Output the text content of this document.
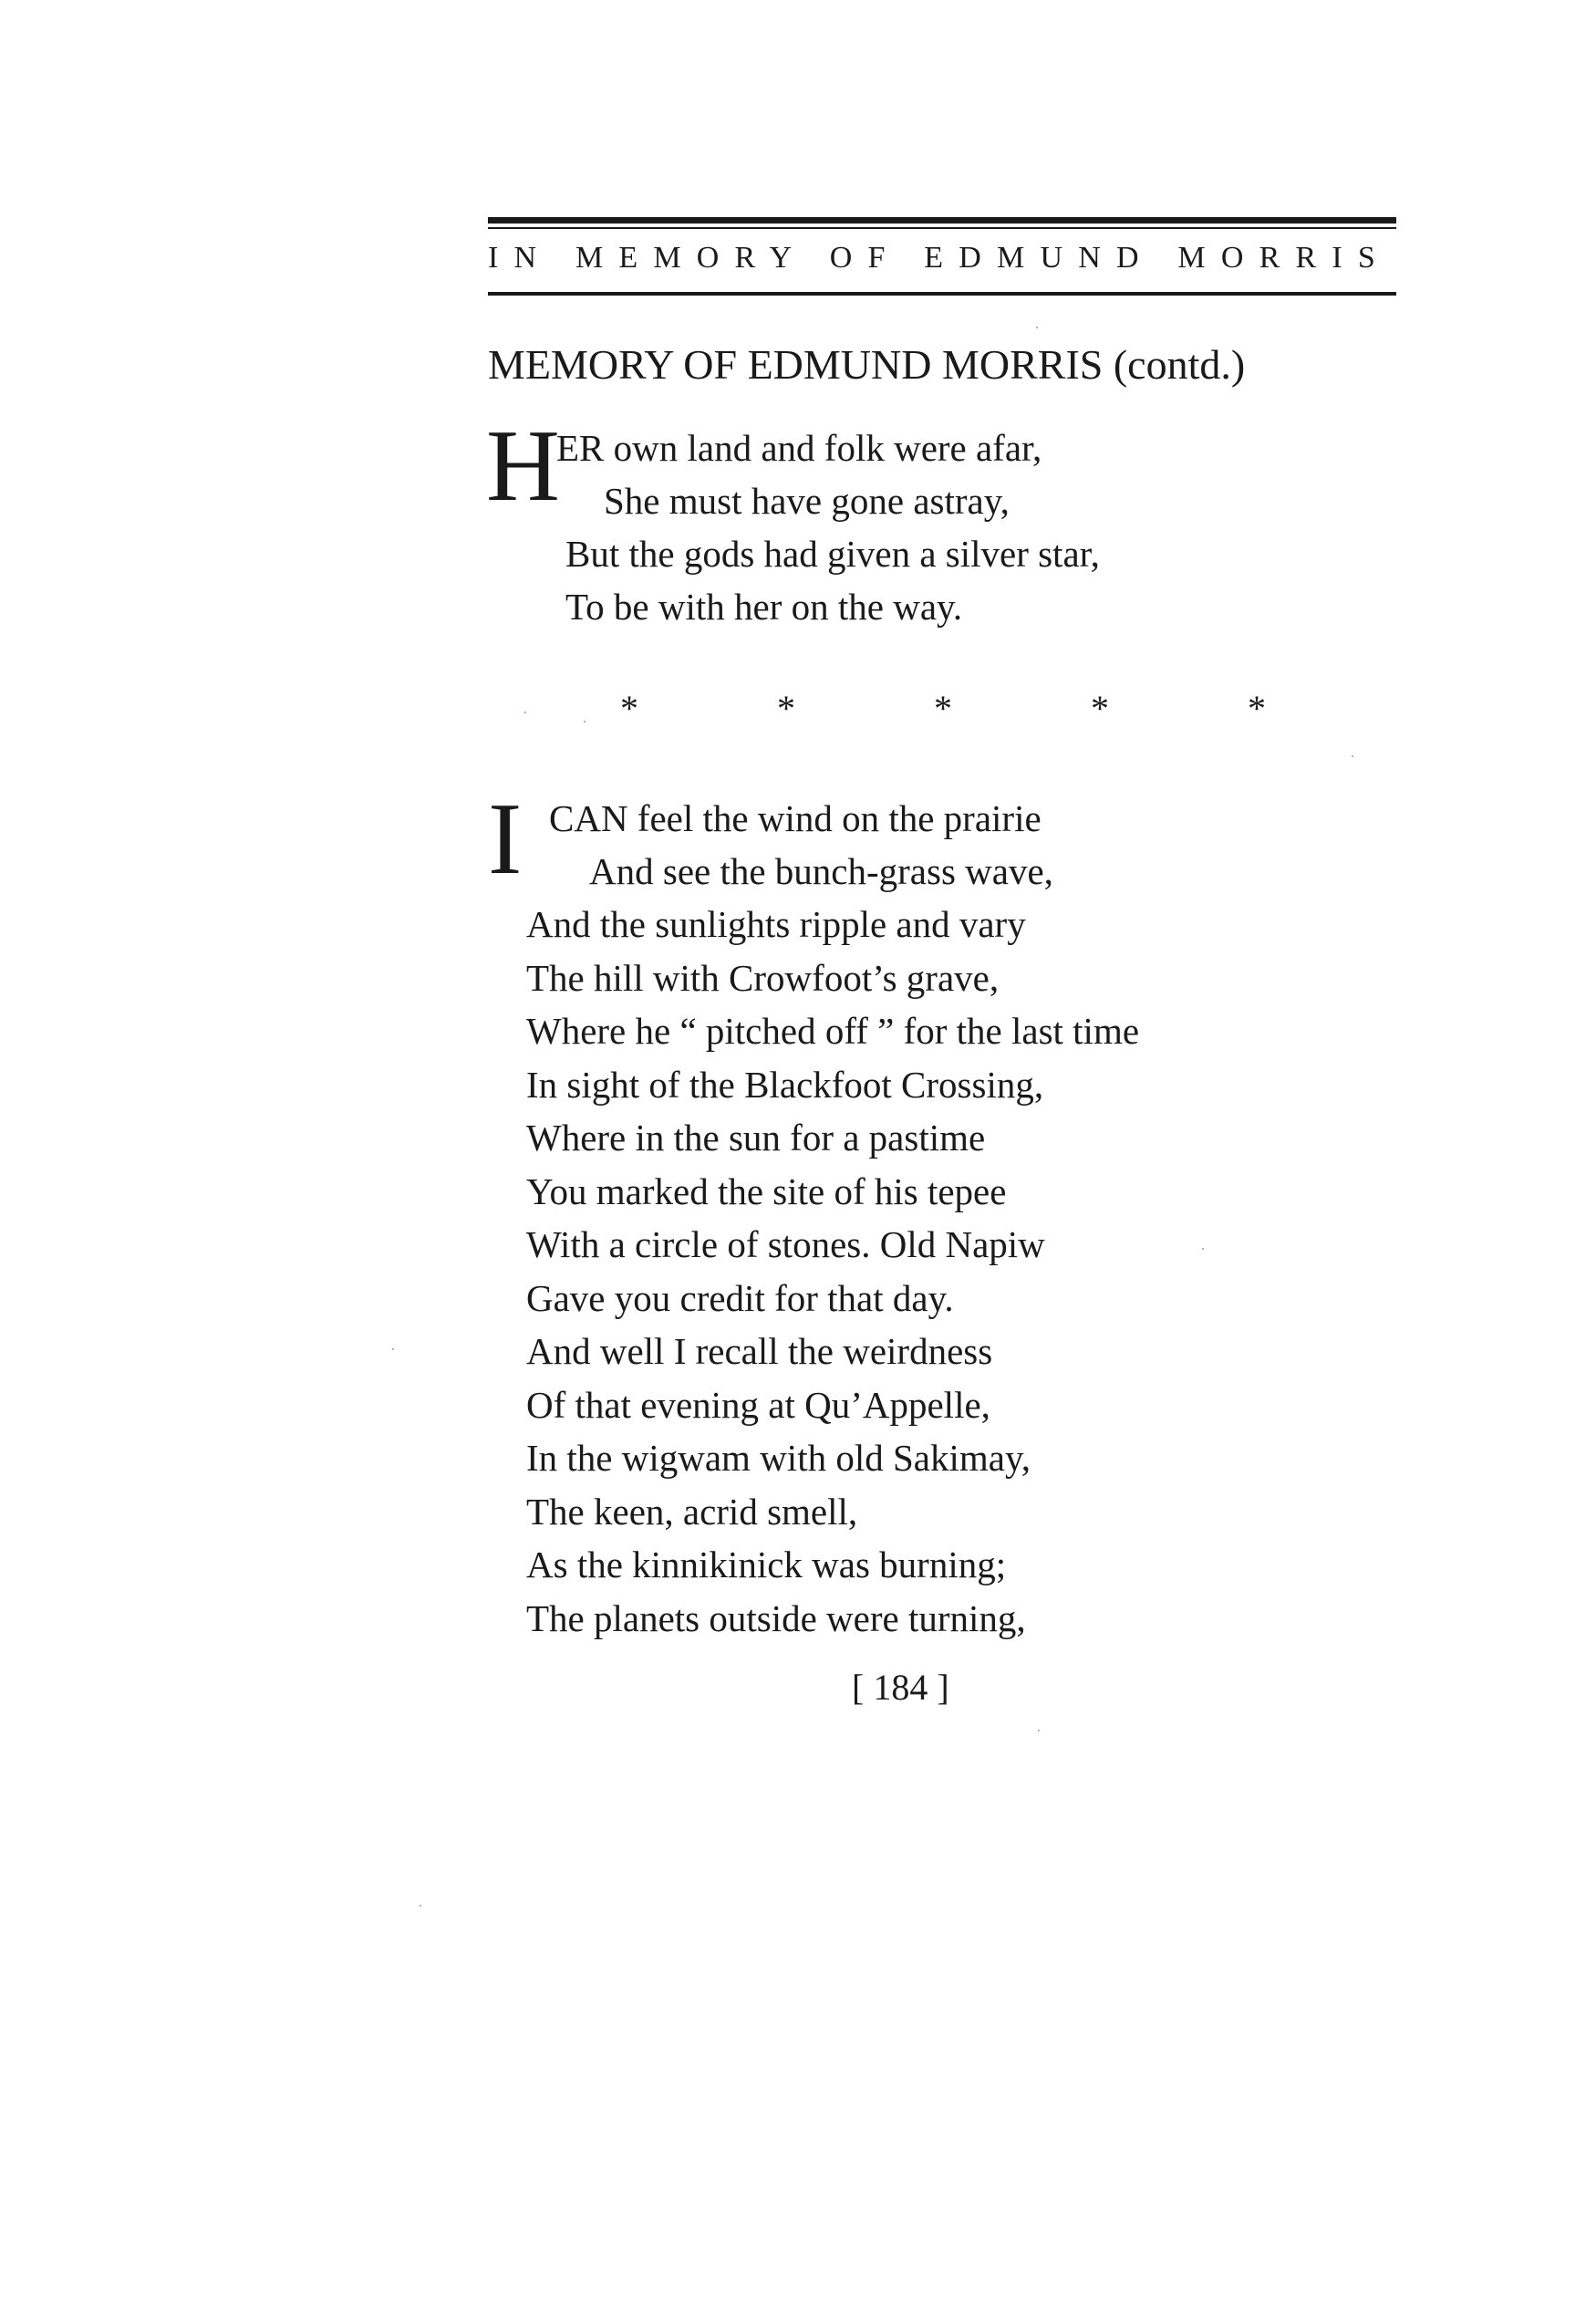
IN MEMORY OF EDMUND MORRIS
MEMORY OF EDMUND MORRIS (contd.)
H
ER own land and folk were afar,
She must have gone astray,
But the gods had given a silver star,
To be with her on the way.
*	*	*	*	*
I CAN feel the wind on the prairie
And see the bunch-grass wave,
And the sunlights ripple and vary
The hill with Crowfoot’s grave,
Where he “ pitched off ” for the last time
In sight of the Blackfoot Crossing,
Where in the sun for a pastime
You marked the site of his tepee
With a circle of stones. Old Napiw
Gave you credit for that day.
And well I recall the weirdness
Of that evening at Qu’Appelle,
In the wigwam with old Sakimay,
The keen, acrid smell,
As the kinnikinick was burning;
The planets outside were turning,
[ 184 ]
